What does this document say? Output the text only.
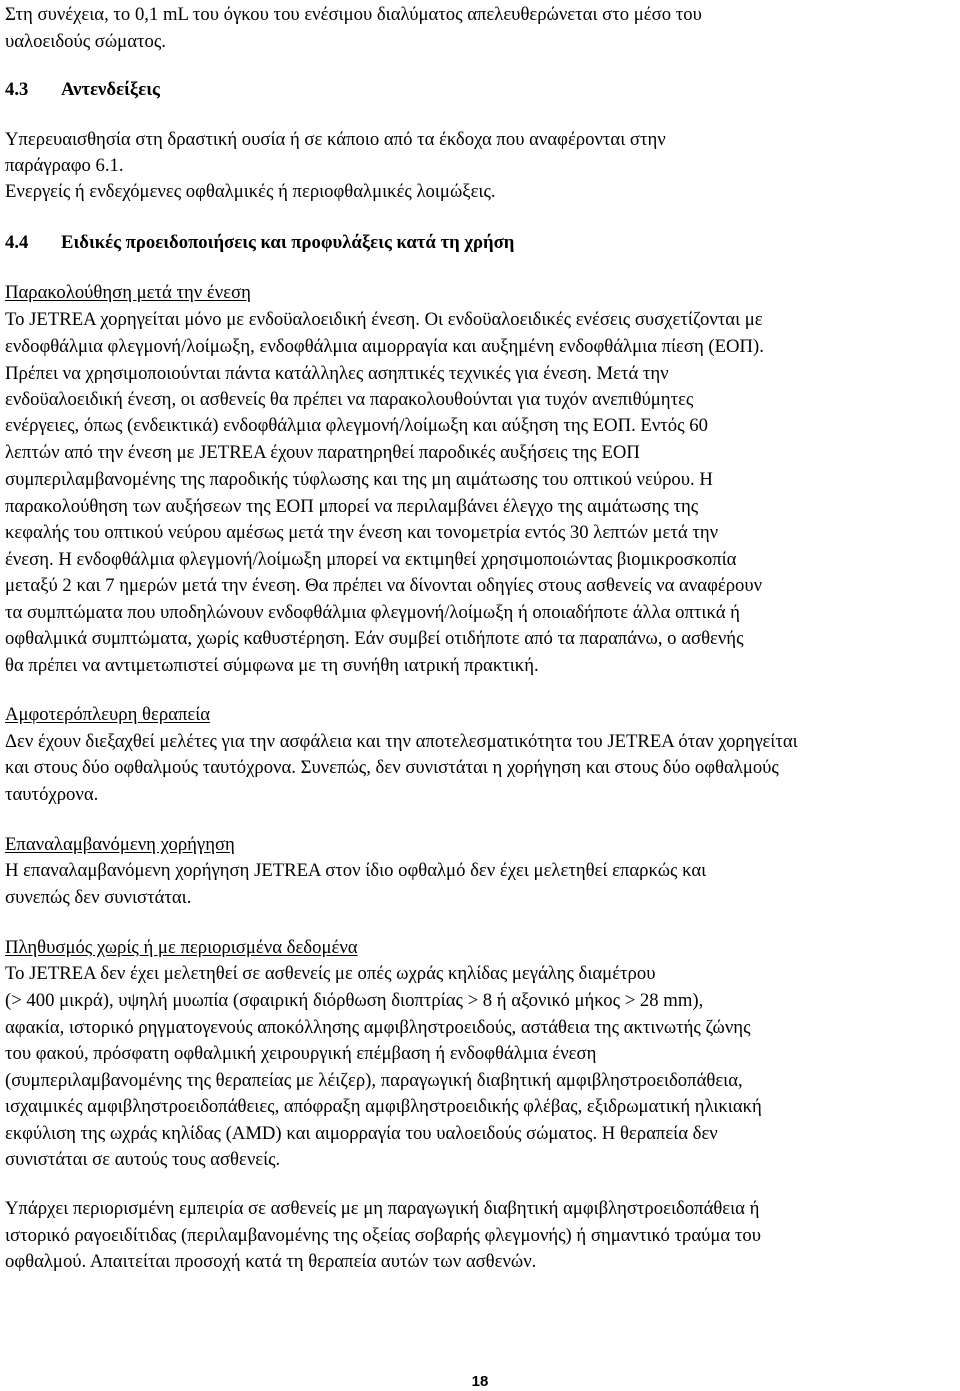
Στη συνέχεια, το 0,1 mL του όγκου του ενέσιμου διαλύματος απελευθερώνεται στο μέσο του

υαλοειδούς σώματος.

4.3 Αντενδείξεις

Υπερευαισθησία στη δραστική ουσία ή σε κάποιο από τα έκδοχα που αναφέρονται στην

παράγραφο 6.1.

Ενεργείς ή ενδεχόμενες οφθαλμικές ή περιοφθαλμικές λοιμώξεις.

4.4 Ειδικές προειδοποιήσεις και προφυλάξεις κατά τη χρήση

Παρακολούθηση μετά την ένεση

Το JETREA χορηγείται μόνο με ενδοϋαλοειδική ένεση. Οι ενδοϋαλοειδικές ενέσεις συσχετίζονται με

ενδοφθάλμια φλεγμονή/λοίμωξη, ενδοφθάλμια αιμορραγία και αυξημένη ενδοφθάλμια πίεση (ΕΟΠ).

Πρέπει να χρησιμοποιούνται πάντα κατάλληλες ασηπτικές τεχνικές για ένεση. Μετά την

ενδοϋαλοειδική ένεση, οι ασθενείς θα πρέπει να παρακολουθούνται για τυχόν ανεπιθύμητες

ενέργειες, όπως (ενδεικτικά) ενδοφθάλμια φλεγμονή/λοίμωξη και αύξηση της ΕΟΠ. Εντός 60

λεπτών από την ένεση με JETREA έχουν παρατηρηθεί παροδικές αυξήσεις της ΕΟΠ

συμπεριλαμβανομένης της παροδικής τύφλωσης και της μη αιμάτωσης του οπτικού νεύρου. Η

παρακολούθηση των αυξήσεων της ΕΟΠ μπορεί να περιλαμβάνει έλεγχο της αιμάτωσης της

κεφαλής του οπτικού νεύρου αμέσως μετά την ένεση και τονομετρία εντός 30 λεπτών μετά την

ένεση. Η ενδοφθάλμια φλεγμονή/λοίμωξη μπορεί να εκτιμηθεί χρησιμοποιώντας βιομικροσκοπία

μεταξύ 2 και 7 ημερών μετά την ένεση. Θα πρέπει να δίνονται οδηγίες στους ασθενείς να αναφέρουν

τα συμπτώματα που υποδηλώνουν ενδοφθάλμια φλεγμονή/λοίμωξη ή οποιαδήποτε άλλα οπτικά ή

οφθαλμικά συμπτώματα, χωρίς καθυστέρηση. Εάν συμβεί οτιδήποτε από τα παραπάνω, ο ασθενής

θα πρέπει να αντιμετωπιστεί σύμφωνα με τη συνήθη ιατρική πρακτική.

Αμφοτερόπλευρη θεραπεία

Δεν έχουν διεξαχθεί μελέτες για την ασφάλεια και την αποτελεσματικότητα του JETREA όταν χορηγείται

και στους δύο οφθαλμούς ταυτόχρονα. Συνεπώς, δεν συνιστάται η χορήγηση και στους δύο οφθαλμούς

ταυτόχρονα.

Επαναλαμβανόμενη χορήγηση

Η επαναλαμβανόμενη χορήγηση JETREA στον ίδιο οφθαλμό δεν έχει μελετηθεί επαρκώς και

συνεπώς δεν συνιστάται.

Πληθυσμός χωρίς ή με περιορισμένα δεδομένα

Το JETREA δεν έχει μελετηθεί σε ασθενείς με οπές ωχράς κηλίδας μεγάλης διαμέτρου

(> 400 μικρά), υψηλή μυωπία (σφαιρική διόρθωση διοπτρίας > 8 ή αξονικό μήκος > 28 mm),

αφακία, ιστορικό ρηγματογενούς αποκόλλησης αμφιβληστροειδούς, αστάθεια της ακτινωτής ζώνης

του φακού, πρόσφατη οφθαλμική χειρουργική επέμβαση ή ενδοφθάλμια ένεση

(συμπεριλαμβανομένης της θεραπείας με λέιζερ), παραγωγική διαβητική αμφιβληστροειδοπάθεια,

ισχαιμικές αμφιβληστροειδοπάθειες, απόφραξη αμφιβληστροειδικής φλέβας, εξιδρωματική ηλικιακή

εκφύλιση της ωχράς κηλίδας (AMD) και αιμορραγία του υαλοειδούς σώματος. Η θεραπεία δεν

συνιστάται σε αυτούς τους ασθενείς.

Υπάρχει περιορισμένη εμπειρία σε ασθενείς με μη παραγωγική διαβητική αμφιβληστροειδοπάθεια ή

ιστορικό ραγοειδίτιδας (περιλαμβανομένης της οξείας σοβαρής φλεγμονής) ή σημαντικό τραύμα του

οφθαλμού. Απαιτείται προσοχή κατά τη θεραπεία αυτών των ασθενών.

18
